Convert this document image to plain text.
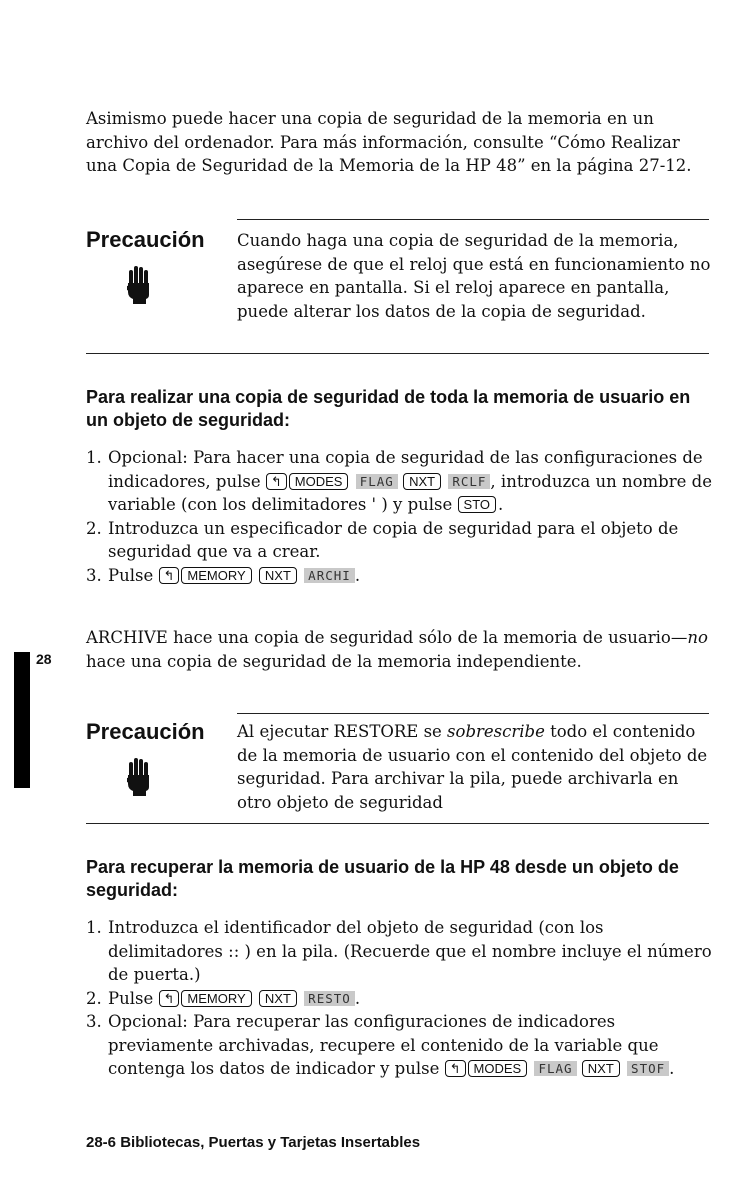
Asimismo puede hacer una copia de seguridad de la memoria en un archivo del ordenador. Para más información, consulte “Cómo Realizar una Copia de Seguridad de la Memoria de la HP 48” en la página 27-12.
Precaución Cuando haga una copia de seguridad de la memoria, asegúrese de que el reloj que está en funcionamiento no aparece en pantalla. Si el reloj aparece en pantalla, puede alterar los datos de la copia de seguridad.
Para realizar una copia de seguridad de toda la memoria de usuario en un objeto de seguridad:
1. Opcional: Para hacer una copia de seguridad de las configuraciones de indicadores, pulse ↰ MODES FLAG NXT RCLF , introduzca un nombre de variable (con los delimitadores ' ) y pulse STO .
2. Introduzca un especificador de copia de seguridad para el objeto de seguridad que va a crear.
3. Pulse ↰ MEMORY NXT ARCHI .
ARCHIVE hace una copia de seguridad sólo de la memoria de usuario—no hace una copia de seguridad de la memoria independiente.
28
Precaución Al ejecutar RESTORE se sobrescribe todo el contenido de la memoria de usuario con el contenido del objeto de seguridad. Para archivar la pila, puede archivarla en otro objeto de seguridad
Para recuperar la memoria de usuario de la HP 48 desde un objeto de seguridad:
1. Introduzca el identificador del objeto de seguridad (con los delimitadores :: ) en la pila. (Recuerde que el nombre incluye el número de puerta.)
2. Pulse ↰ MEMORY NXT RESTO .
3. Opcional: Para recuperar las configuraciones de indicadores previamente archivadas, recupere el contenido de la variable que contenga los datos de indicador y pulse ↰ MODES FLAG NXT STOF .
28-6 Bibliotecas, Puertas y Tarjetas Insertables
